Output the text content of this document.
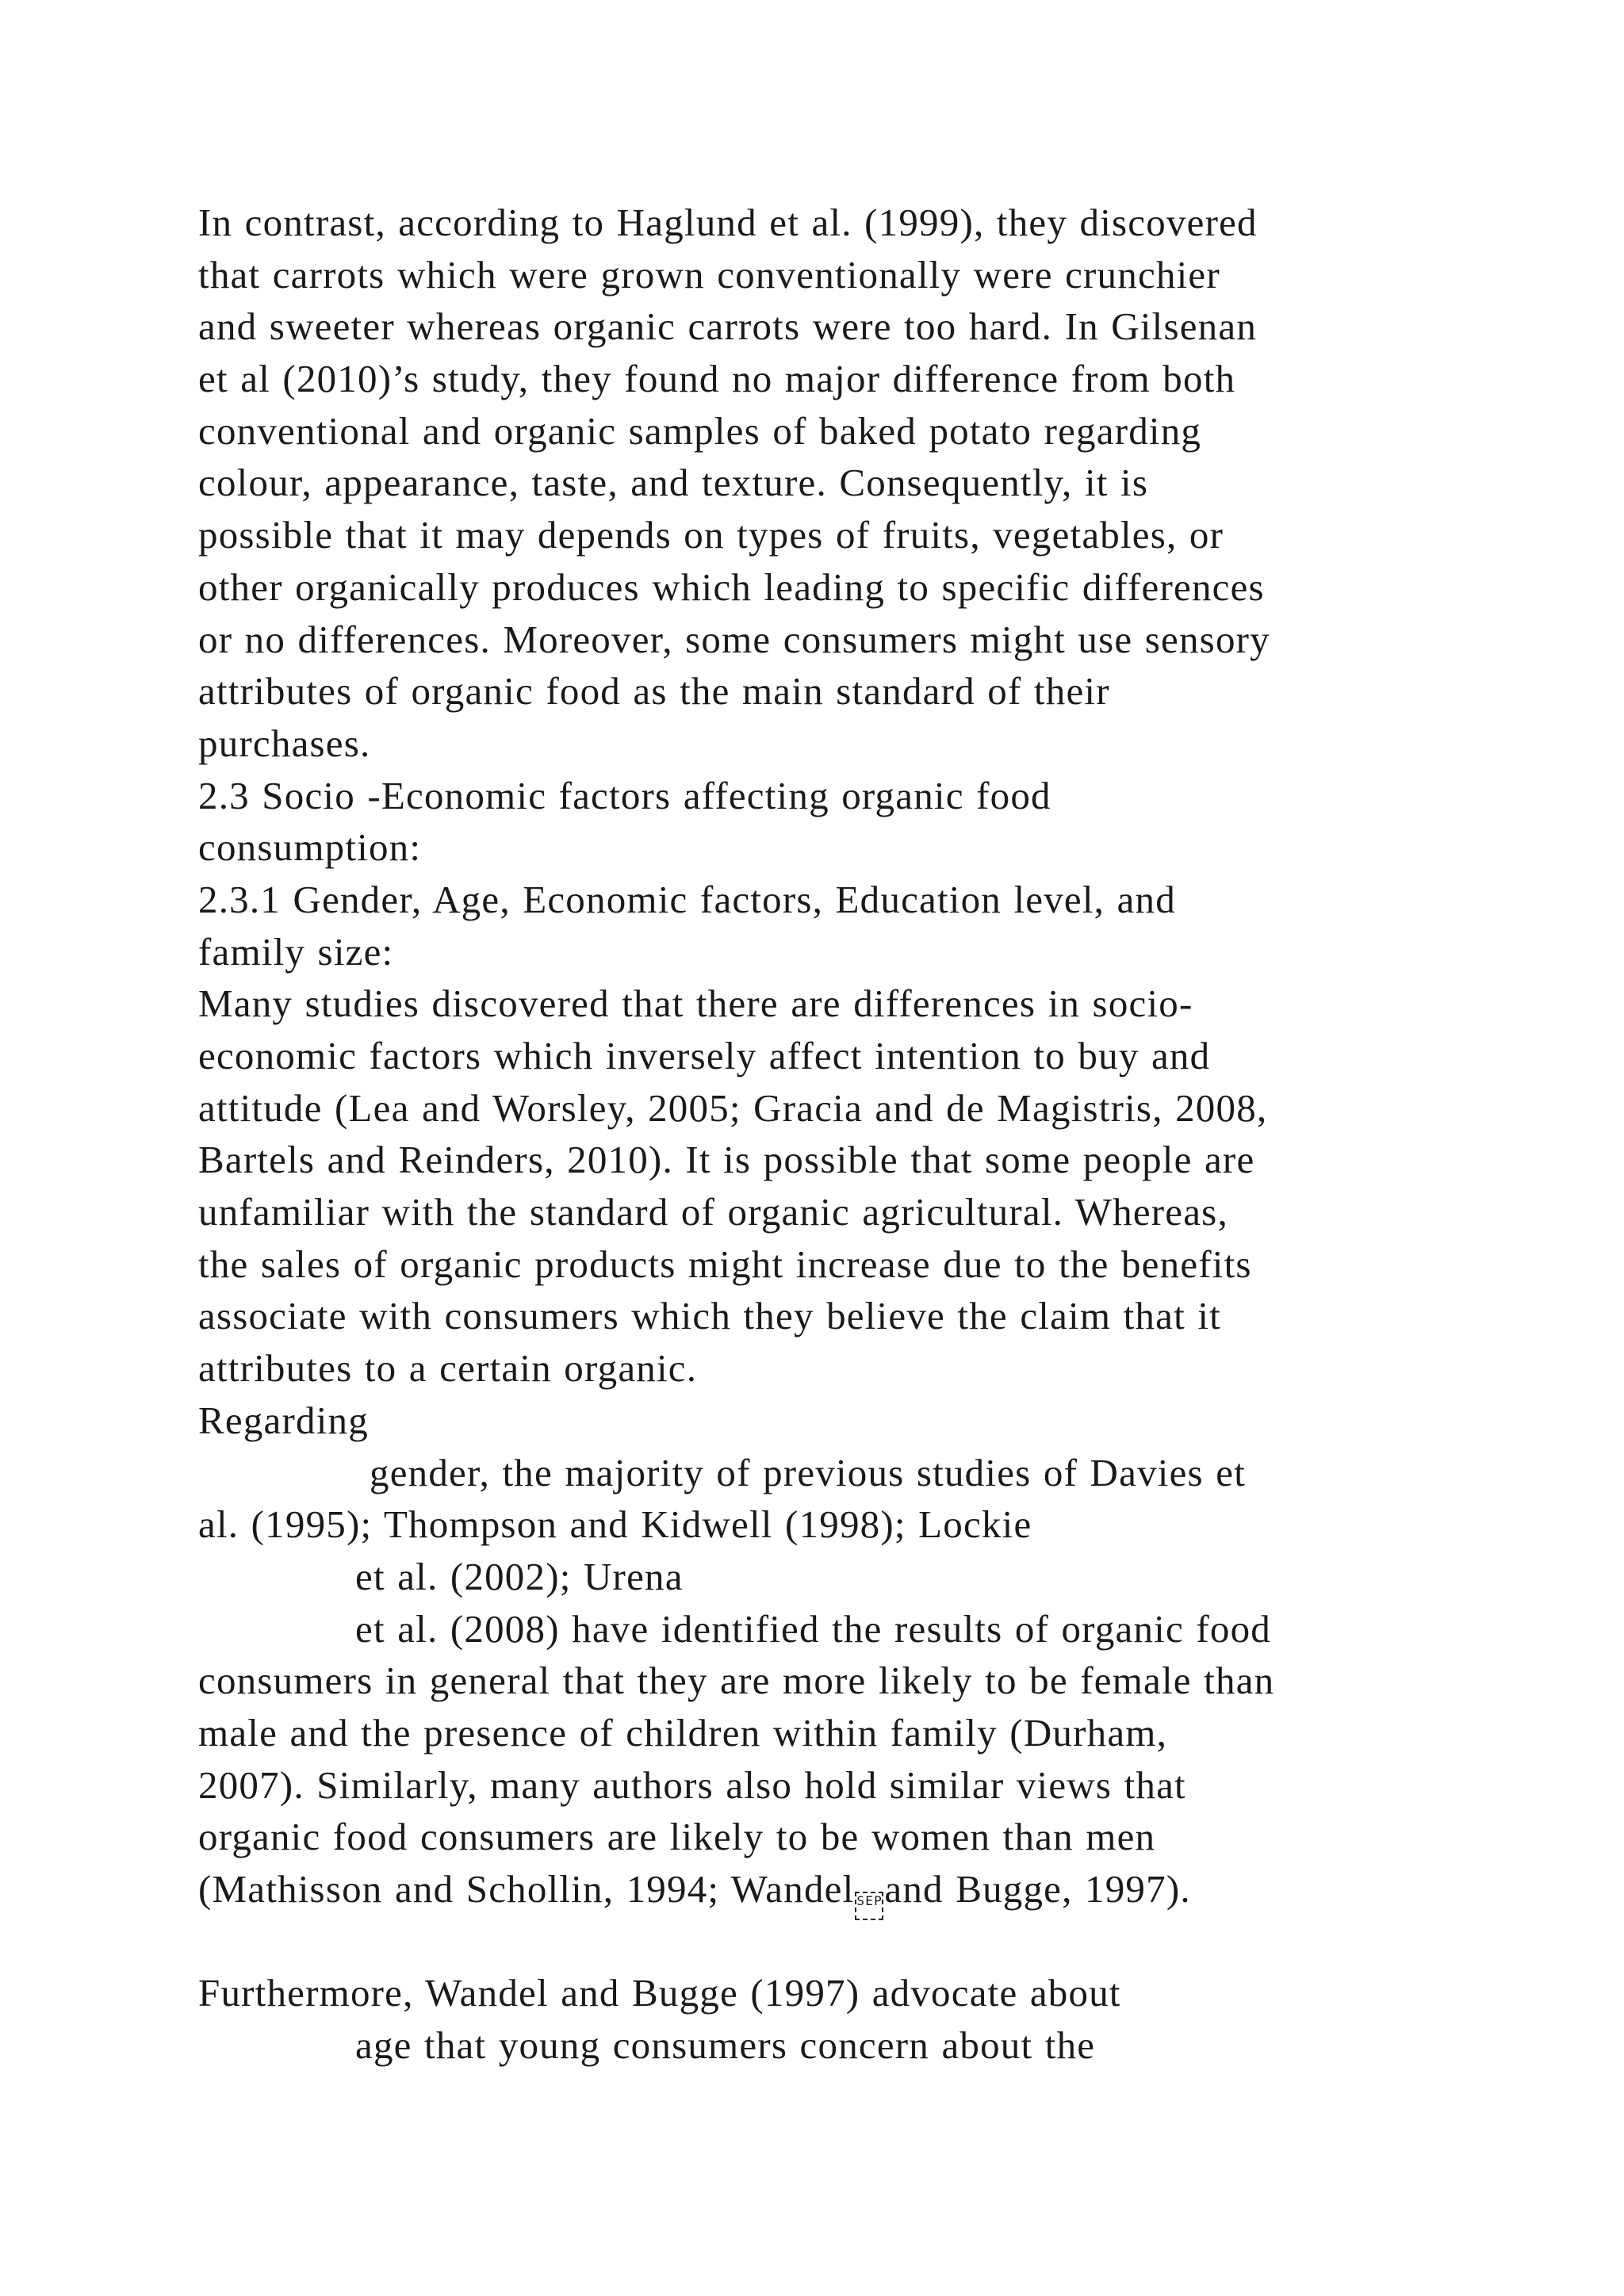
In contrast, according to Haglund et al. (1999), they discovered
that carrots which were grown conventionally were crunchier
and sweeter whereas organic carrots were too hard. In Gilsenan
et al (2010)’s study, they found no major difference from both
conventional and organic samples of baked potato regarding
colour, appearance, taste, and texture. Consequently, it is
possible that it may depends on types of fruits, vegetables, or
other organically produces which leading to specific differences
or no differences. Moreover, some consumers might use sensory
attributes of organic food as the main standard of their
purchases.
2.3 Socio -Economic factors affecting organic food
consumption:
2.3.1 Gender, Age, Economic factors, Education level, and
family size:
Many studies discovered that there are differences in socio-
economic factors which inversely affect intention to buy and
attitude (Lea and Worsley, 2005; Gracia and de Magistris, 2008,
Bartels and Reinders, 2010). It is possible that some people are
unfamiliar with the standard of organic agricultural. Whereas,
the sales of organic products might increase due to the benefits
associate with consumers which they believe the claim that it
attributes to a certain organic.
Regarding
gender, the majority of previous studies of Davies et
al. (1995); Thompson and Kidwell (1998); Lockie
et al. (2002); Urena
et al. (2008) have identified the results of organic food
consumers in general that they are more likely to be female than
male and the presence of children within family (Durham,
2007). Similarly, many authors also hold similar views that
organic food consumers are likely to be women than men
(Mathisson and Schollin, 1994; Wandel SEPand Bugge, 1997).
Furthermore, Wandel and Bugge (1997) advocate about
age that young consumers concern about the
